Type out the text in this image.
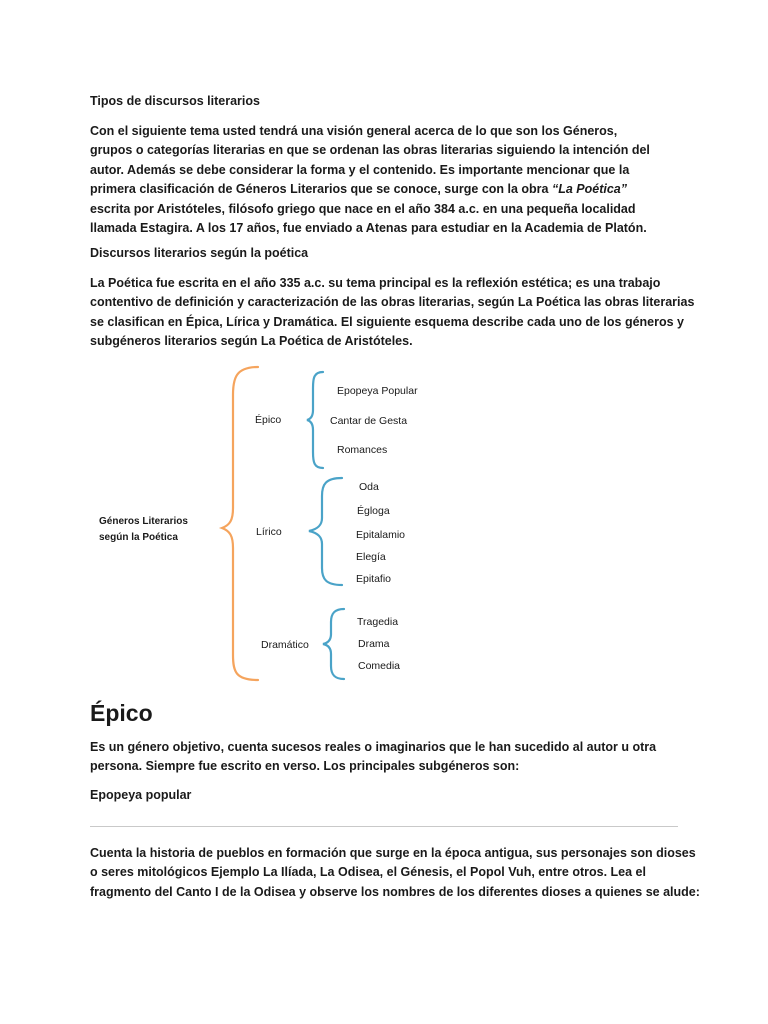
Tipos de discursos literarios

Con el siguiente tema usted tendrá una visión general acerca de lo que son los Géneros, grupos o categorías literarias en que se ordenan las obras literarias siguiendo la intención del autor. Además se debe considerar la forma y el contenido. Es importante mencionar que la primera clasificación de Géneros Literarios que se conoce, surge con la obra “La Poética” escrita por Aristóteles, filósofo griego que nace en el año 384 a.c. en una pequeña localidad llamada Estagira. A los 17 años, fue enviado a Atenas para estudiar en la Academia de Platón.

Discursos literarios según la poética

La Poética fue escrita en el año 335 a.c. su tema principal es la reflexión estética; es una trabajo contentivo de definición y caracterización de las obras literarias, según La Poética las obras literarias se clasifican en Épica, Lírica y Dramática. El siguiente esquema describe cada uno de los géneros y subgéneros literarios según La Poética de Aristóteles.

Géneros Literarios
según la Poética
Épico
Epopeya Popular
Cantar de Gesta
Romances
Lírico
Oda
Égloga
Epitalamio
Elegía
Epitafio
Dramático
Tragedia
Drama
Comedia
Épico

Es un género objetivo, cuenta sucesos reales o imaginarios que le han sucedido al autor u otra persona. Siempre fue escrito en verso. Los principales subgéneros son:

Epopeya popular

Cuenta la historia de pueblos en formación que surge en la época antigua, sus personajes son dioses o seres mitológicos Ejemplo La Ilíada, La Odisea, el Génesis, el Popol Vuh, entre otros. Lea el fragmento del Canto I de la Odisea y observe los nombres de los diferentes dioses a quienes se alude:
